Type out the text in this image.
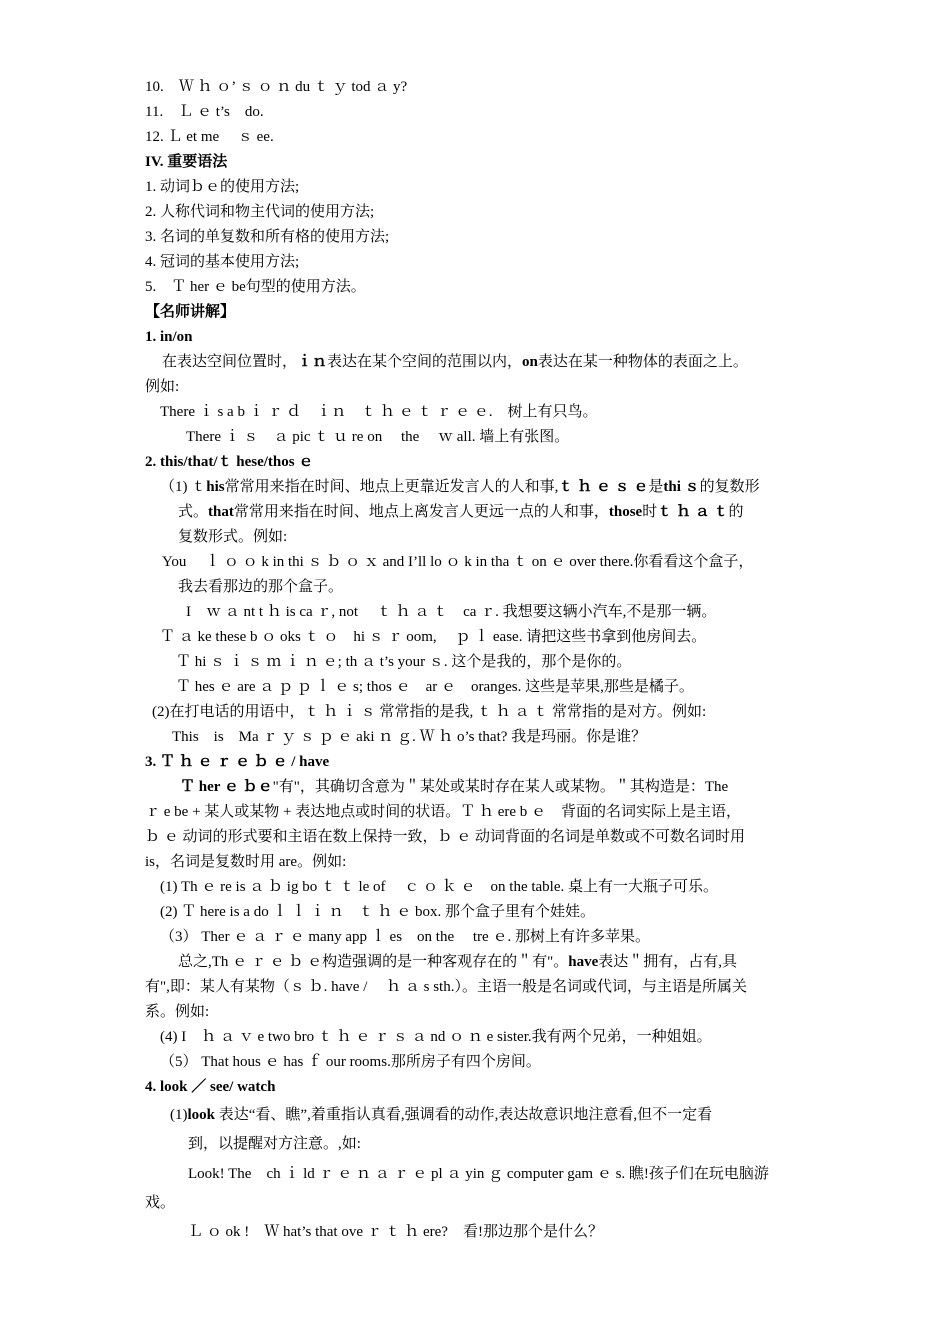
10.　Ｗ ｈ ｏ’ ｓ ｏ ｎ du ｔ ｙ tod ａ y?
11.　Ｌ ｅ t’s　do.
12. Ｌ et me　 ｓ ee.
IV. 重要语法
1. 动词ｂｅ的使用方法;
2. 人称代词和物主代词的使用方法;
3. 名词的单复数和所有格的使用方法;
4. 冠词的基本使用方法;
5.　Ｔ her ｅ be句型的使用方法。
【名师讲解】
1. in/on
在表达空间位置时，ｉｎ表达在某个空间的范围以内，on表达在某一种物体的表面之上。
例如:
There ｉ s a b ｉ ｒ ｄ　ｉｎ　ｔ ｈ ｅ ｔ ｒ ｅ ｅ.　树上有只鸟。
There ｉ ｓ　ａ pic ｔ ｕ re on　 the　 ｗ all. 墙上有张图。
2. this/that/ｔ hese/thos ｅ
（1) ｔhis常常用来指在时间、地点上更靠近发言人的人和事,ｔ ｈ ｅ ｓ ｅ是thi ｓ的复数形
式。that常常用来指在时间、地点上离发言人更远一点的人和事，those时ｔ ｈ ａ ｔ的
复数形式。例如:
You　 ｌ ｏ ｏ k in thi ｓ ｂ ｏ ｘ and I’ll lo ｏ k in tha ｔ on ｅ over there.你看看这个盒子，
我去看那边的那个盒子。
I　ｗ ａ nt t ｈ is ca ｒ, not　 ｔ ｈ ａ ｔ　ca ｒ. 我想要这辆小汽车,不是那一辆。
Ｔ ａ ke these b ｏ oks ｔ ｏ　hi ｓ ｒ oom,　 ｐ ｌ ease. 请把这些书拿到他房间去。
Ｔ hi ｓ ｉ ｓ ｍ ｉ ｎ ｅ; th ａ t’s your ｓ. 这个是我的，那个是你的。
Ｔ hes ｅ are ａ ｐ ｐ ｌ ｅ s; thos ｅ　ar ｅ　oranges. 这些是苹果,那些是橘子。
(2)在打电话的用语中，ｔ ｈ ｉ ｓ 常常指的是我, ｔ ｈ ａ ｔ 常常指的是对方。例如:
This　is　Ma ｒ ｙ ｓ ｐ ｅ aki ｎ ｇ. Ｗ ｈ o’s that? 我是玛丽。你是谁？
3. Ｔ ｈ ｅ ｒ ｅ ｂ ｅ / have
Ｔ her ｅ ｂｅ"有"，其确切含意为＂某处或某时存在某人或某物。＂其构造是：The
ｒ e be + 某人或某物 + 表达地点或时间的状语。Ｔ ｈ ere b ｅ　背面的名词实际上是主语，
ｂ ｅ 动词的形式要和主语在数上保持一致，ｂ ｅ 动词背面的名词是单数或不可数名词时用
is，名词是复数时用 are。例如:
(1) Th ｅ re is ａ ｂ ig bo ｔ ｔ le of　 ｃ ｏ ｋ ｅ　on the table. 桌上有一大瓶子可乐。
(2) Ｔ here is a do ｌ ｌ ｉ ｎ　ｔ ｈ ｅ box. 那个盒子里有个娃娃。
（3） Ther ｅ ａ ｒ ｅ many app ｌ es　on the　 tre ｅ. 那树上有许多苹果。
总之,Th ｅ ｒ ｅ ｂ ｅ构造强调的是一种客观存在的＂有"。have表达＂拥有，占有,具
有",即：某人有某物（ｓ ｂ. have /　 ｈ ａ s sth.）。主语一般是名词或代词，与主语是所属关
系。例如:
(4) I　ｈ ａ ｖ e two bro ｔ ｈ ｅ ｒ ｓ ａ nd ｏ ｎ e sister.我有两个兄弟，一种姐姐。
（5） That hous ｅ has ｆ our rooms.那所房子有四个房间。
4. look ／ see/ watch
(1)look 表达“看、瞧”,着重指认真看,强调看的动作,表达故意识地注意看,但不一定看
到，以提醒对方注意。,如:
Look! The　ch ｉ ld ｒ ｅ ｎ ａ ｒ ｅ pl ａ yin ｇ computer gam ｅ s. 瞧!孩子们在玩电脑游
戏。
Ｌ ｏ ok !　Ｗ hat’s that ove ｒ ｔ ｈ ere?　看!那边那个是什么？
